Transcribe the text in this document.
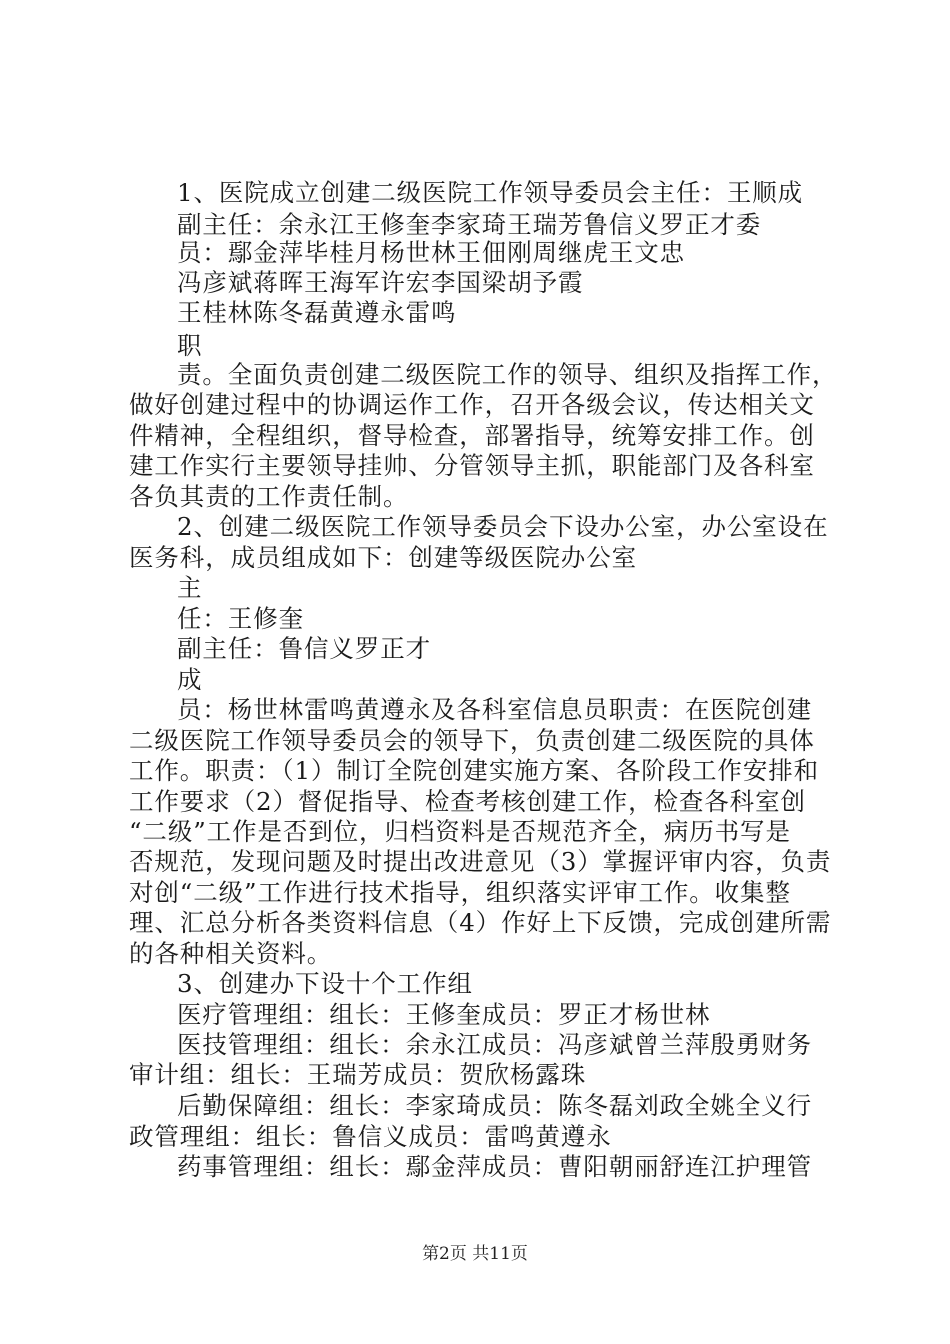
1、医院成立创建二级医院工作领导委员会主任：王顺成
副主任：余永江王修奎李家琦王瑞芳鲁信义罗正才委
员：鄢金萍毕桂月杨世林王佃刚周继虎王文忠
冯彦斌蒋晖王海军许宏李国梁胡予霞
王桂林陈冬磊黄遵永雷鸣
职
责。全面负责创建二级医院工作的领导、组织及指挥工作，
做好创建过程中的协调运作工作，召开各级会议，传达相关文
件精神，全程组织，督导检查，部署指导，统筹安排工作。创
建工作实行主要领导挂帅、分管领导主抓，职能部门及各科室
各负其责的工作责任制。
2、创建二级医院工作领导委员会下设办公室，办公室设在
医务科，成员组成如下：创建等级医院办公室
主
任：王修奎
副主任：鲁信义罗正才
成
员：杨世林雷鸣黄遵永及各科室信息员职责：在医院创建
二级医院工作领导委员会的领导下，负责创建二级医院的具体
工作。职责：（1）制订全院创建实施方案、各阶段工作安排和
工作要求（2）督促指导、检查考核创建工作，检查各科室创
“二级”工作是否到位，归档资料是否规范齐全，病历书写是
否规范，发现问题及时提出改进意见（3）掌握评审内容，负责
对创“二级”工作进行技术指导，组织落实评审工作。收集整
理、汇总分析各类资料信息（4）作好上下反馈，完成创建所需
的各种相关资料。
3、创建办下设十个工作组
医疗管理组：组长：王修奎成员：罗正才杨世林
医技管理组：组长：余永江成员：冯彦斌曾兰萍殷勇财务
审计组：组长：王瑞芳成员：贺欣杨露珠
后勤保障组：组长：李家琦成员：陈冬磊刘政全姚全义行
政管理组：组长：鲁信义成员：雷鸣黄遵永
药事管理组：组长：鄢金萍成员：曹阳朝丽舒连江护理管
第2页 共11页
